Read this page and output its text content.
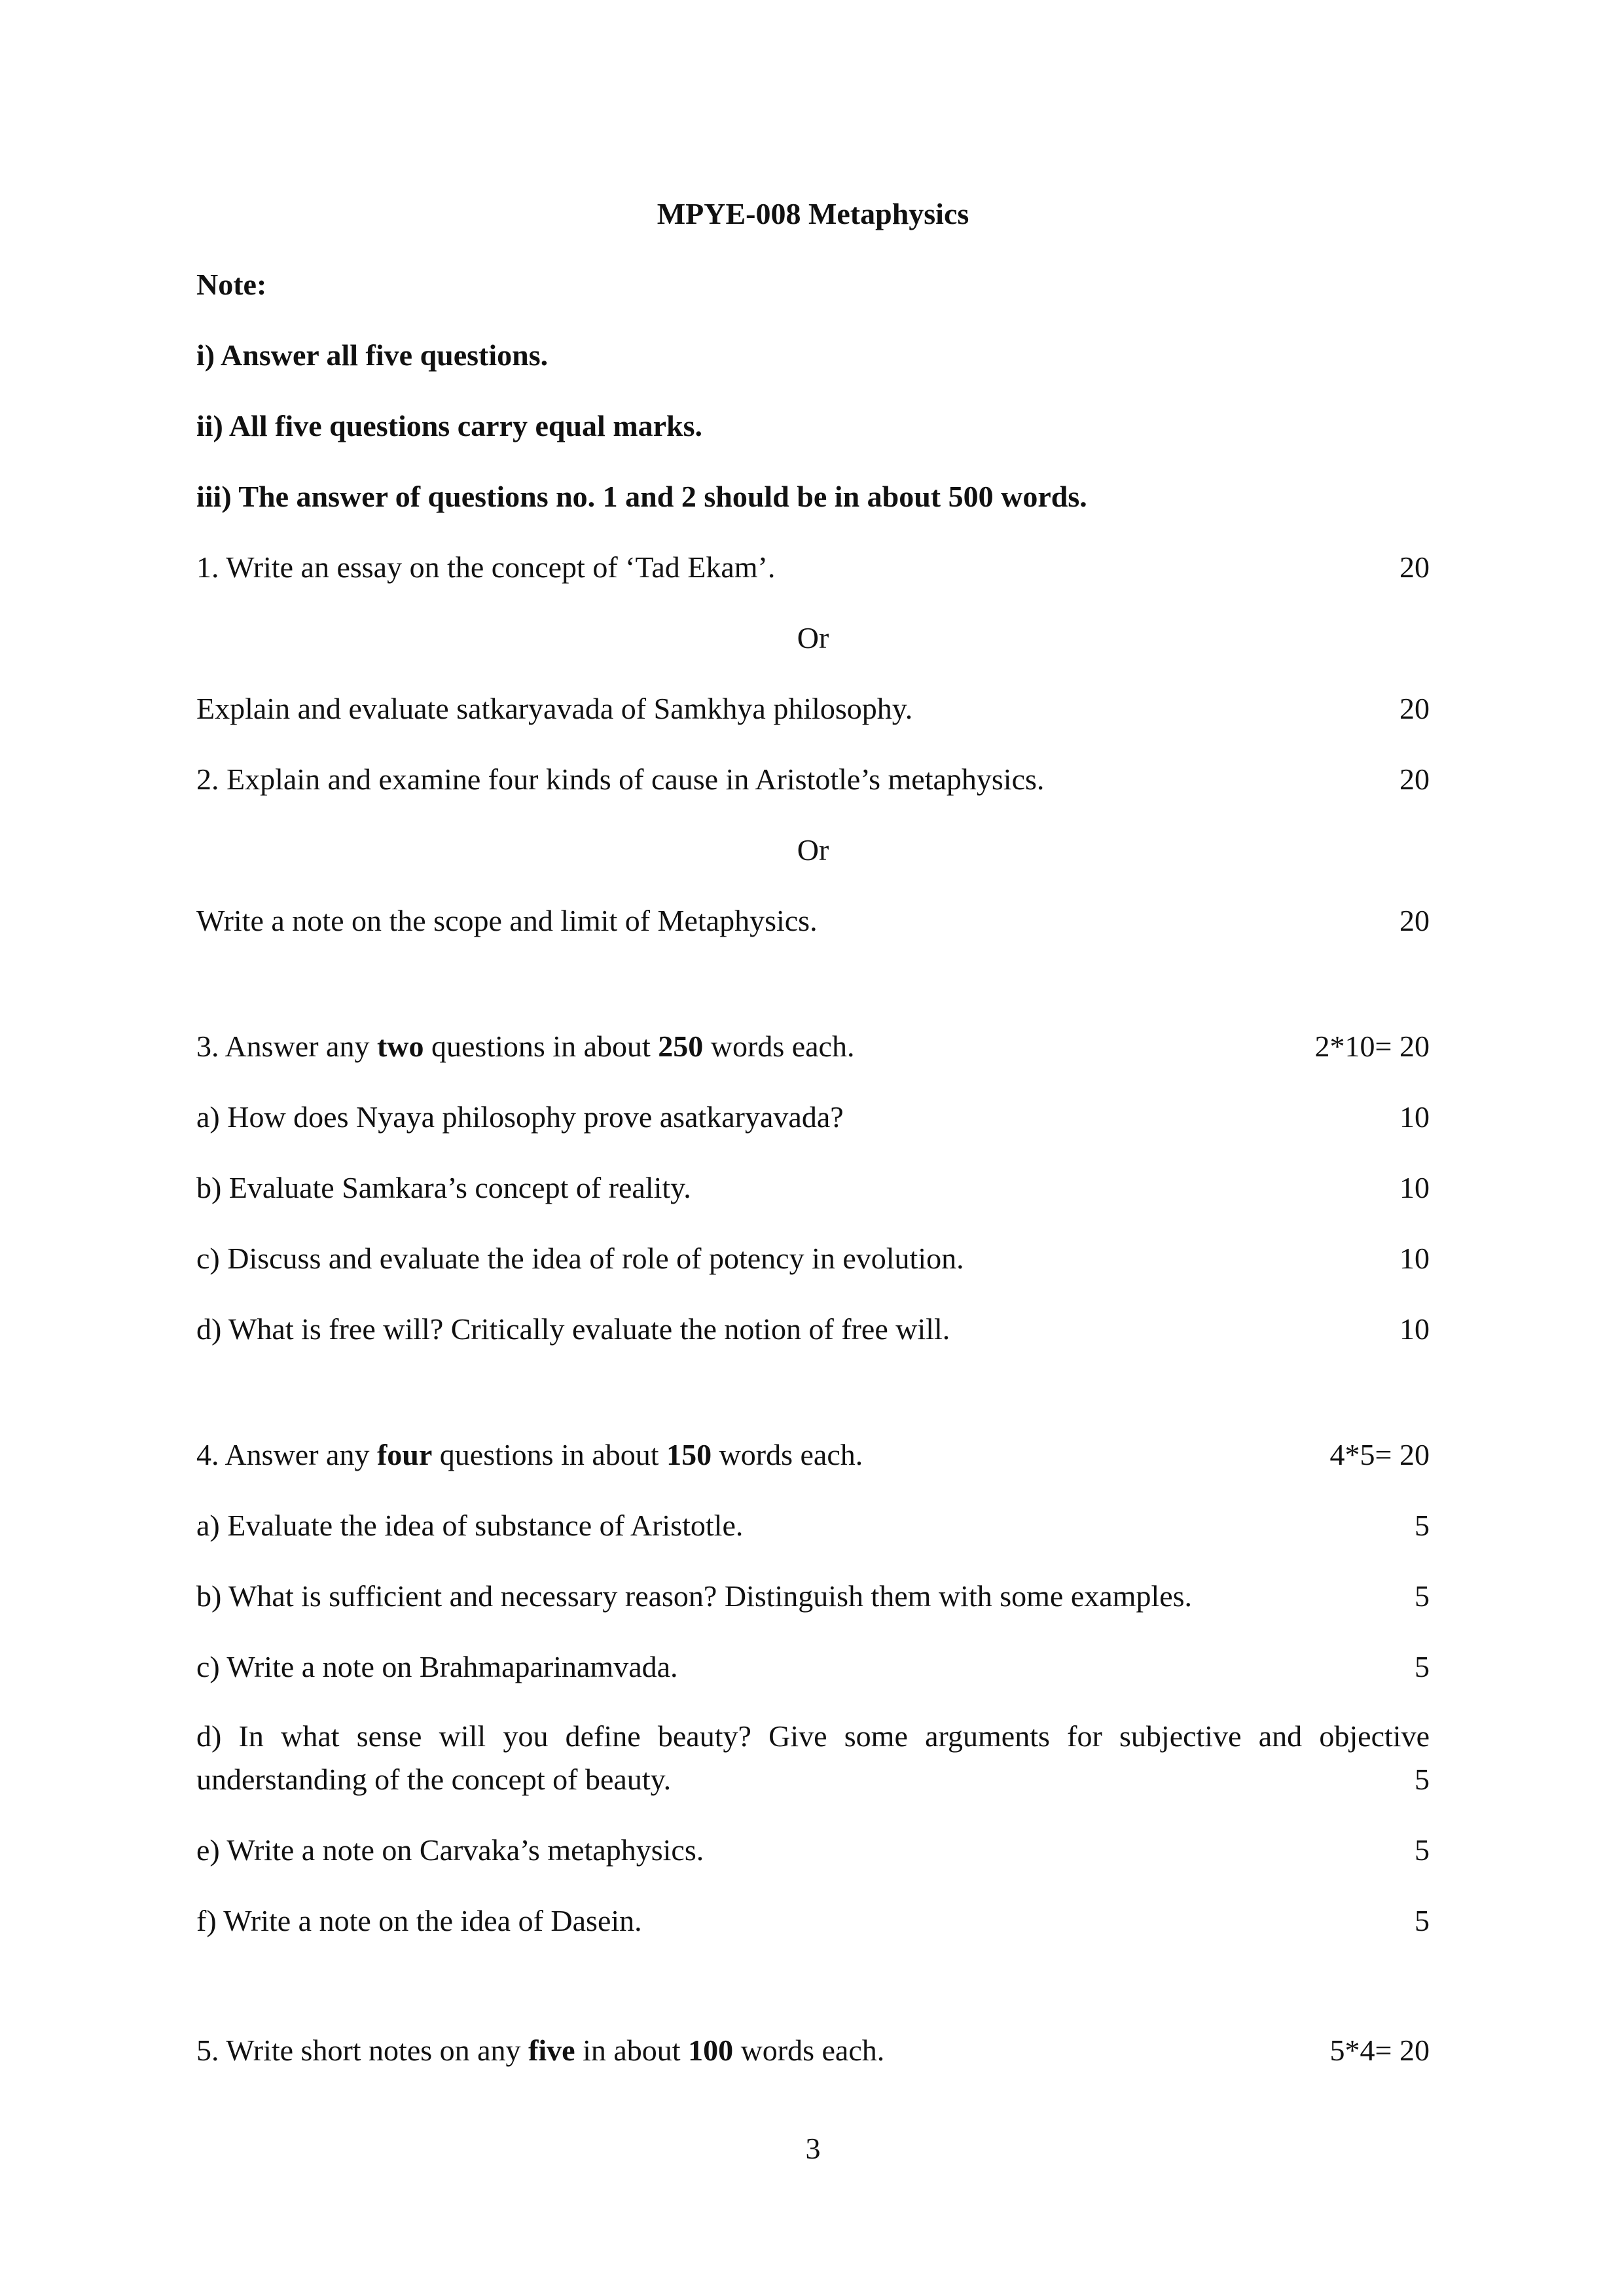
MPYE-008 Metaphysics
Note:
i) Answer all five questions.
ii) All five questions carry equal marks.
iii) The answer of questions no. 1 and 2 should be in about 500 words.
1. Write an essay on the concept of ‘Tad Ekam’.	20
Or
Explain and evaluate satkaryavada of Samkhya philosophy.	20
2. Explain and examine four kinds of cause in Aristotle’s metaphysics.	20
Or
Write a note on the scope and limit of Metaphysics.	20
3. Answer any two questions in about 250 words each.	2*10= 20
a) How does Nyaya philosophy prove asatkaryavada?	10
b) Evaluate Samkara’s concept of reality.	10
c) Discuss and evaluate the idea of role of potency in evolution.	10
d) What is free will? Critically evaluate the notion of free will.	10
4. Answer any four questions in about 150 words each.	4*5= 20
a) Evaluate the idea of substance of Aristotle.	5
b) What is sufficient and necessary reason? Distinguish them with some examples.	5
c) Write a note on Brahmaparinamvada.	5
d) In what sense will you define beauty? Give some arguments for subjective and objective
understanding of the concept of beauty.	5
e) Write a note on Carvaka’s metaphysics.	5
f) Write a note on the idea of Dasein.	5
5. Write short notes on any five in about 100 words each.	5*4= 20
3
